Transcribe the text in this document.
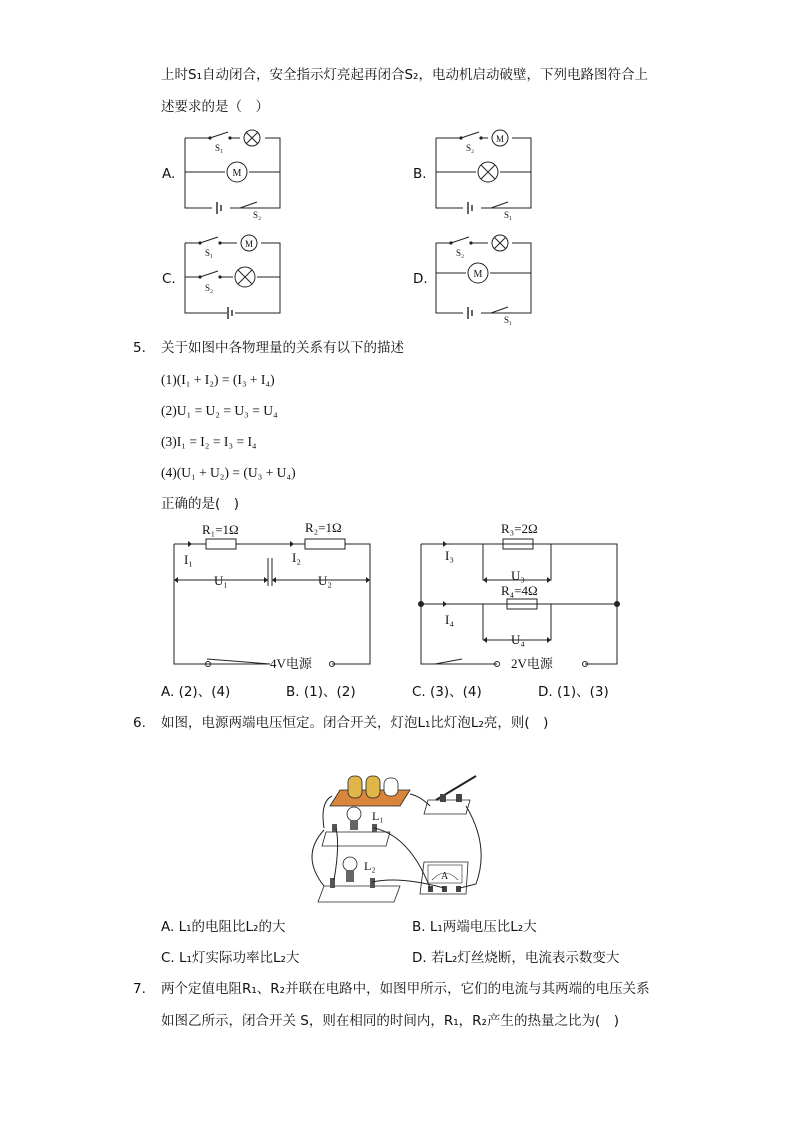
上时S₁自动闭合，安全指示灯亮起再闭合S₂，电动机启动破壁，下列电路图符合上
述要求的是（　）
A.	M
S₁
S₂
B.
M
S₂
S₁
C.
M
S₁
S₂
D.	M
S₂
S₁
5. 关于如图中各物理量的关系有以下的描述
(1)(I₁ + I₂) = (I₃ + I₄)
(2)U₁ = U₂ = U₃ = U₄
(3)I₁ = I₂ = I₃ = I₄
(4)(U₁ + U₂) = (U₃ + U₄)
正确的是(　)
R₁=1Ω	R₂=1Ω
I₁	I₂
U₁	U₂
4V电源
R₃=2Ω
R₄=4Ω
I₃
I₄
U₃
U₄
2V电源
A. (2)、(4)	B. (1)、(2)	C. (3)、(4)	D. (1)、(3)
6. 如图，电源两端电压恒定。闭合开关，灯泡L₁比灯泡L₂亮，则(　)
L₁
L₂
A
A. L₁的电阻比L₂的大	B. L₁两端电压比L₂大
C. L₁灯实际功率比L₂大	D. 若L₂灯丝烧断，电流表示数变大
7. 两个定值电阻R₁、R₂并联在电路中，如图甲所示，它们的电流与其两端的电压关系
如图乙所示，闭合开关 S，则在相同的时间内，R₁，R₂产生的热量之比为(　)
